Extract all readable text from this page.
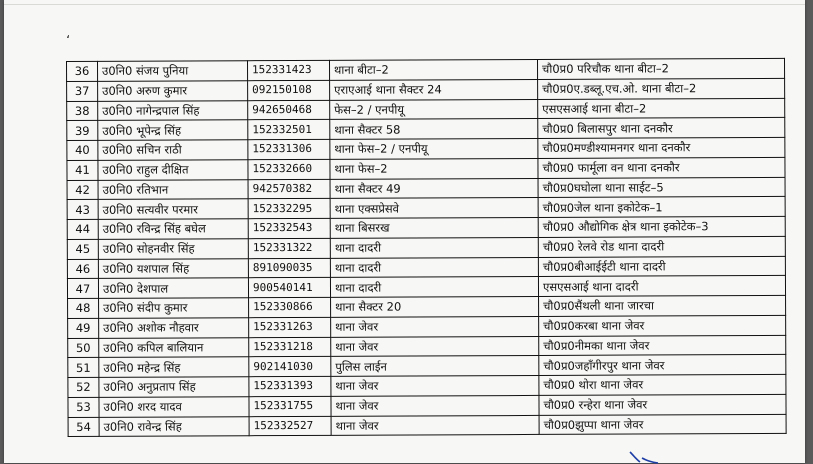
،
36	उ0नि0 संजय पुनिया	152331423	थाना बीटा–2	चौ0प्र0 परिचौक थाना बीटा–2
37	उ0नि0 अरुण कुमार	092150108	एराएआई थाना सैक्टर 24	चौ0प्र0ए.डब्लू.एच.ओ. थाना बीटा–2
38	उ0नि0 नागेन्द्रपाल सिंह	942650468	फेस–2 / एनपीयू	एसएसआई थाना बीटा–2
39	उ0नि0 भूपेन्द्र सिंह	152332501	थाना सैक्टर 58	चौ0प्र0 बिलासपुर थाना दनकौर
40	उ0नि0 सचिन राठी	152331306	थाना फेस–2 / एनपीयू	चौ0प्र0मण्डीश्यामनगर थाना दनकौर
41	उ0नि0 राहुल दीक्षित	152332660	थाना फेस–2	चौ0प्र0 फार्मूला वन थाना दनकौर
42	उ0नि0 रतिभान	942570382	थाना सैक्टर 49	चौ0प्र0घघोला थाना साईट–5
43	उ0नि0 सत्यवीर परमार	152332295	थाना एक्सप्रेसवे	चौ0प्र0जेल थाना इकोटेक–1
44	उ0नि0 रविन्द्र सिंह बघेल	152332543	थाना बिसरख	चौ0प्र0 औद्योगिक क्षेत्र थाना इकोटेक–3
45	उ0नि0 सोहनवीर सिंह	152331322	थाना दादरी	चौ0प्र0 रेलवे रोड थाना दादरी
46	उ0नि0 यशपाल सिंह	891090035	थाना दादरी	चौ0प्र0बीआईईटी थाना दादरी
47	उ0नि0 देशपाल	900540141	थाना दादरी	एसएसआई थाना दादरी
48	उ0नि0 संदीप कुमार	152330866	थाना सैक्टर 20	चौ0प्र0सैंथली थाना जारचा
49	उ0नि0 अशोक नौहवार	152331263	थाना जेवर	चौ0प्र0करबा थाना जेवर
50	उ0नि0 कपिल बालियान	152331218	थाना जेवर	चौ0प्र0नीमका थाना जेवर
51	उ0नि0 महेन्द्र सिंह	902141030	पुलिस लाईन	चौ0प्र0जहाँगीरपुर थाना जेवर
52	उ0नि0 अनुप्रताप सिंह	152331393	थाना जेवर	चौ0प्र0 थोरा थाना जेवर
53	उ0नि0 शरद यादव	152331755	थाना जेवर	चौ0प्र0 रन्हेरा थाना जेवर
54	उ0नि0 रावेन्द्र सिंह	152332527	थाना जेवर	चौ0प्र0झुप्पा थाना जेवर
